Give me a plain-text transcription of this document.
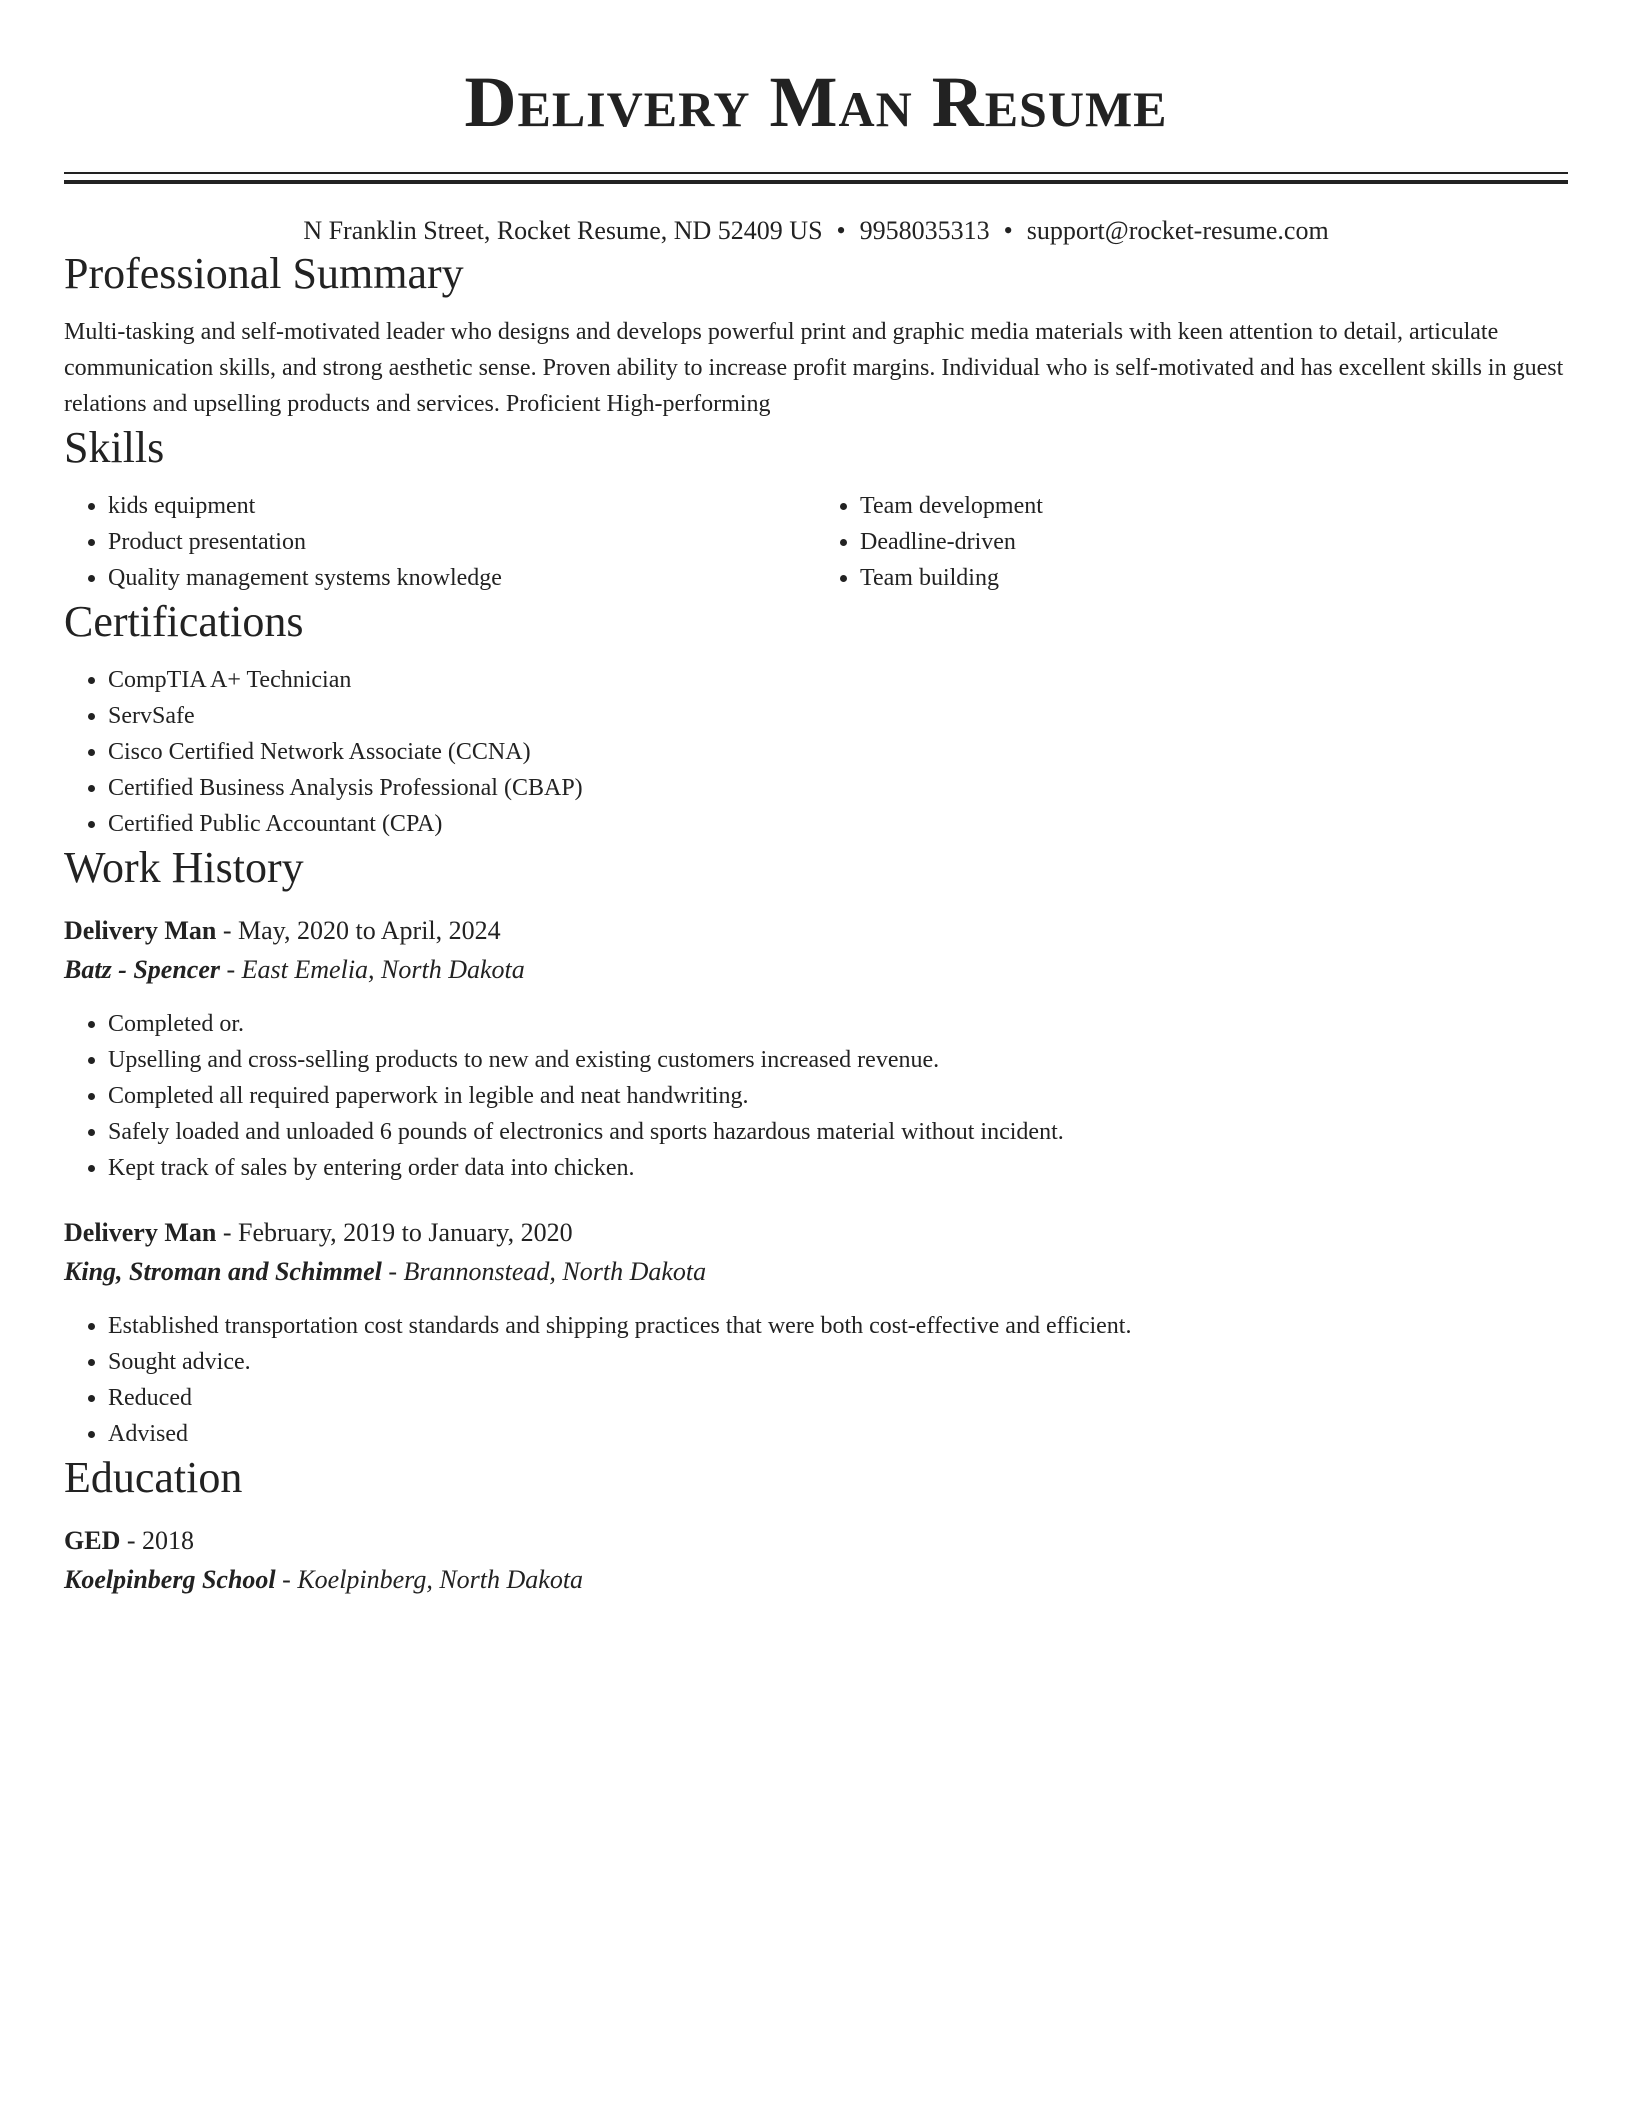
Delivery Man Resume
N Franklin Street, Rocket Resume, ND 52409 US • 9958035313 • support@rocket-resume.com
Professional Summary

Multi-tasking and self-motivated leader who designs and develops powerful print and graphic media materials with keen attention to detail, articulate communication skills, and strong aesthetic sense. Proven ability to increase profit margins. Individual who is self-motivated and has excellent skills in guest relations and upselling products and services. Proficient High-performing

Skills
• kids equipment
• Product presentation
• Quality management systems knowledge
• Team development
• Deadline-driven
• Team building
Certifications
• CompTIA A+ Technician
• ServSafe
• Cisco Certified Network Associate (CCNA)
• Certified Business Analysis Professional (CBAP)
• Certified Public Accountant (CPA)
Work History
Delivery Man - May, 2020 to April, 2024
Batz - Spencer - East Emelia, North Dakota
• Completed or.
• Upselling and cross-selling products to new and existing customers increased revenue.
• Completed all required paperwork in legible and neat handwriting.
• Safely loaded and unloaded 6 pounds of electronics and sports hazardous material without incident.
• Kept track of sales by entering order data into chicken.
Delivery Man - February, 2019 to January, 2020
King, Stroman and Schimmel - Brannonstead, North Dakota
• Established transportation cost standards and shipping practices that were both cost-effective and efficient.
• Sought advice.
• Reduced
• Advised
Education
GED - 2018
Koelpinberg School - Koelpinberg, North Dakota
